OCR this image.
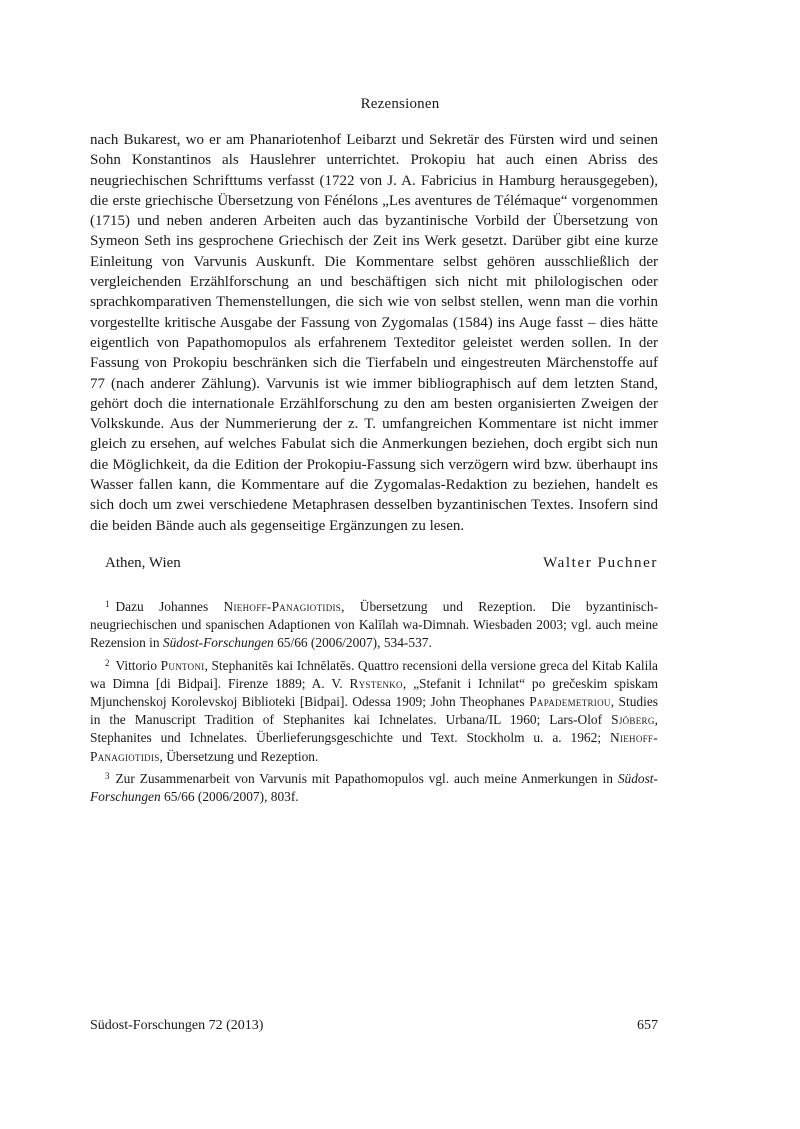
Rezensionen

nach Bukarest, wo er am Phanariotenhof Leibarzt und Sekretär des Fürsten wird und seinen Sohn Konstantinos als Hauslehrer unterrichtet. Prokopiu hat auch einen Abriss des neugriechischen Schrifttums verfasst (1722 von J. A. Fabricius in Hamburg herausgegeben), die erste griechische Übersetzung von Fénélons „Les aventures de Télémaque“ vorgenommen (1715) und neben anderen Arbeiten auch das byzantinische Vorbild der Übersetzung von Symeon Seth ins gesprochene Griechisch der Zeit ins Werk gesetzt. Darüber gibt eine kurze Einleitung von Varvunis Auskunft. Die Kommentare selbst gehören ausschließlich der vergleichenden Erzählforschung an und beschäftigen sich nicht mit philologischen oder sprachkomparativen Themenstellungen, die sich wie von selbst stellen, wenn man die vorhin vorgestellte kritische Ausgabe der Fassung von Zygomalas (1584) ins Auge fasst – dies hätte eigentlich von Papathomopulos als erfahrenem Texteditor geleistet werden sollen. In der Fassung von Prokopiu beschränken sich die Tierfabeln und eingestreuten Märchenstoffe auf 77 (nach anderer Zählung). Varvunis ist wie immer bibliographisch auf dem letzten Stand, gehört doch die internationale Erzählforschung zu den am besten organisierten Zweigen der Volkskunde. Aus der Nummerierung der z. T. umfangreichen Kommentare ist nicht immer gleich zu ersehen, auf welches Fabulat sich die Anmerkungen beziehen, doch ergibt sich nun die Möglichkeit, da die Edition der Prokopiu-Fassung sich verzögern wird bzw. überhaupt ins Wasser fallen kann, die Kommentare auf die Zygomalas-Redaktion zu beziehen, handelt es sich doch um zwei verschiedene Metaphrasen desselben byzantinischen Textes. Insofern sind die beiden Bände auch als gegenseitige Ergänzungen zu lesen.

Athen, Wien	Walter Puchner

$^1$ Dazu Johannes Niehoff-Panagiotidis, Übersetzung und Rezeption. Die byzantinisch-neugriechischen und spanischen Adaptionen von Kalīlah wa-Dimnah. Wiesbaden 2003; vgl. auch meine Rezension in Südost-Forschungen 65/66 (2006/2007), 534-537.

$^2$ Vittorio Puntoni, Stephanitēs kai Ichnēlatēs. Quattro recensioni della versione greca del Kitab Kalila wa Dimna [di Bidpai]. Firenze 1889; A. V. Rystenko, „Stefanit i Ichnilat“ po grečeskim spiskam Mjunchenskoj Korolevskoj Biblioteki [Bidpai]. Odessa 1909; John Theophanes Papademetriou, Studies in the Manuscript Tradition of Stephanites kai Ichnelates. Urbana/IL 1960; Lars-Olof Sjöberg, Stephanites und Ichnelates. Überlieferungsgeschichte und Text. Stockholm u. a. 1962; Niehoff-Panagiotidis, Übersetzung und Rezeption.

$^3$ Zur Zusammenarbeit von Varvunis mit Papathomopulos vgl. auch meine Anmerkungen in Südost-Forschungen 65/66 (2006/2007), 803f.

Südost-Forschungen 72 (2013)	657
